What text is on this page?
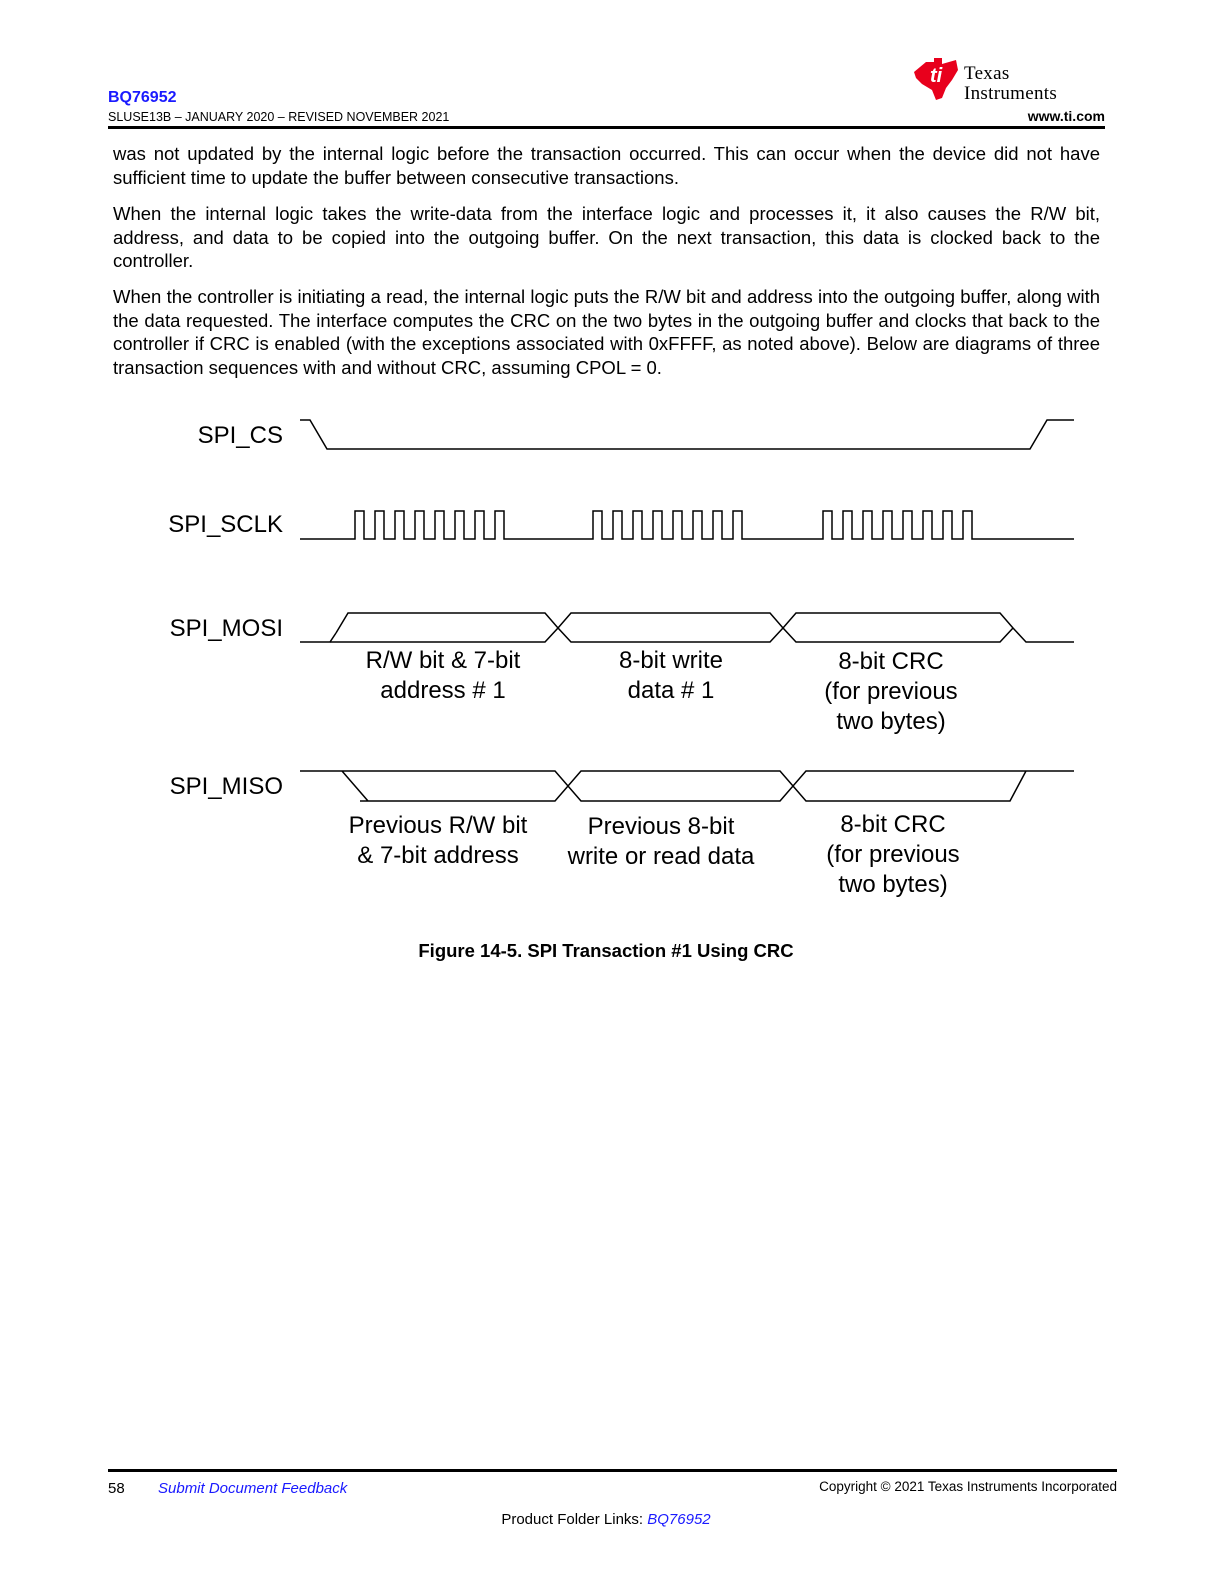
BQ76952
SLUSE13B – JANUARY 2020 – REVISED NOVEMBER 2021
ti Texas
Instruments
www.ti.com
was not updated by the internal logic before the transaction occurred. This can occur when the device did not have sufficient time to update the buffer between consecutive transactions.
When the internal logic takes the write-data from the interface logic and processes it, it also causes the R/W bit, address, and data to be copied into the outgoing buffer. On the next transaction, this data is clocked back to the controller.
When the controller is initiating a read, the internal logic puts the R/W bit and address into the outgoing buffer, along with the data requested. The interface computes the CRC on the two bytes in the outgoing buffer and clocks that back to the controller if CRC is enabled (with the exceptions associated with 0xFFFF, as noted above). Below are diagrams of three transaction sequences with and without CRC, assuming CPOL = 0.
SPI_CS
SPI_SCLK
SPI_MOSI
SPI_MISO
R/W bit & 7-bit
address # 1
8-bit write
data # 1
8-bit CRC
(for previous
two bytes)
Previous R/W bit
& 7-bit address
Previous 8-bit
write or read data
8-bit CRC
(for previous
two bytes)
Figure 14-5. SPI Transaction #1 Using CRC
58 Submit Document Feedback	Copyright © 2021 Texas Instruments Incorporated
Product Folder Links: BQ76952
